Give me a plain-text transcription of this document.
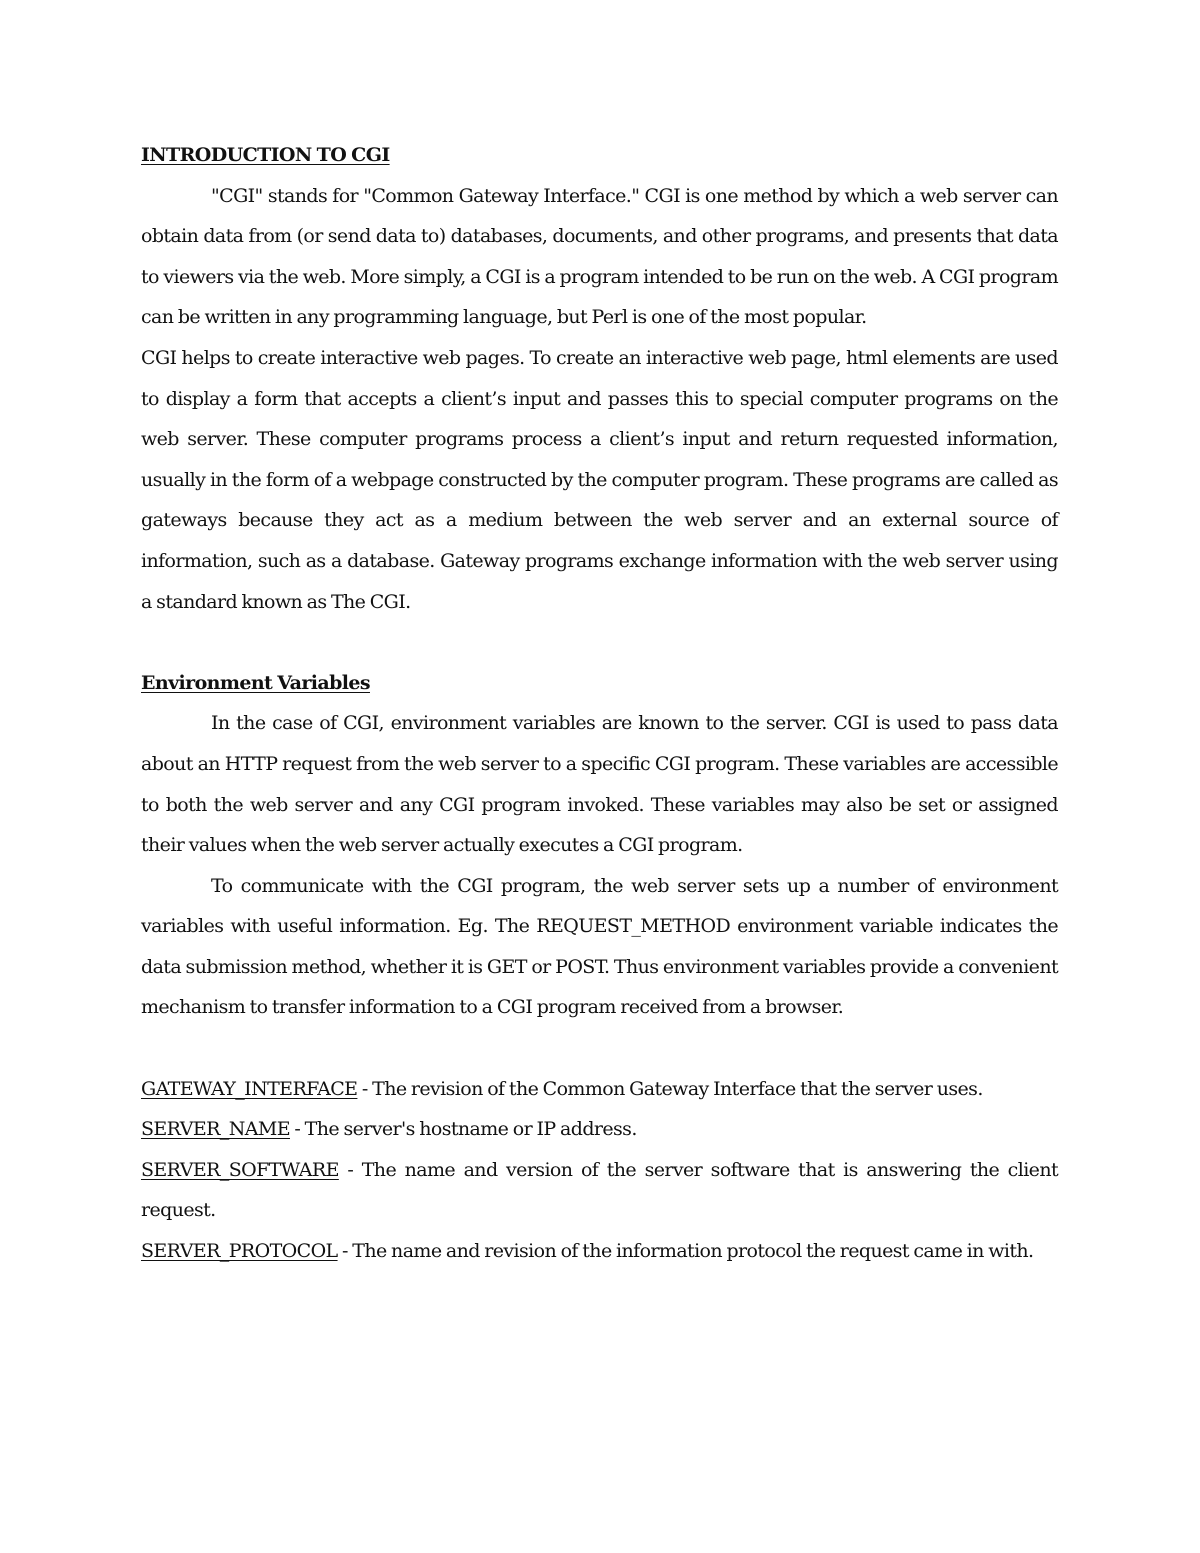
INTRODUCTION TO CGI

"CGI" stands for "Common Gateway Interface." CGI is one method by which a web server can obtain data from (or send data to) databases, documents, and other programs, and presents that data to viewers via the web. More simply, a CGI is a program intended to be run on the web. A CGI program can be written in any programming language, but Perl is one of the most popular.

CGI helps to create interactive web pages. To create an interactive web page, html elements are used to display a form that accepts a client’s input and passes this to special computer programs on the web server. These computer programs process a client’s input and return requested information, usually in the form of a webpage constructed by the computer program. These programs are called as gateways because they act as a medium between the web server and an external source of information, such as a database. Gateway programs exchange information with the web server using a standard known as The CGI.

Environment Variables

In the case of CGI, environment variables are known to the server. CGI is used to pass data about an HTTP request from the web server to a specific CGI program. These variables are accessible to both the web server and any CGI program invoked. These variables may also be set or assigned their values when the web server actually executes a CGI program.

To communicate with the CGI program, the web server sets up a number of environment variables with useful information. Eg. The REQUEST_METHOD environment variable indicates the data submission method, whether it is GET or POST. Thus environment variables provide a convenient mechanism to transfer information to a CGI program received from a browser.

GATEWAY_INTERFACE - The revision of the Common Gateway Interface that the server uses.

SERVER_NAME - The server's hostname or IP address.

SERVER_SOFTWARE - The name and version of the server software that is answering the client request.

SERVER_PROTOCOL - The name and revision of the information protocol the request came in with.
